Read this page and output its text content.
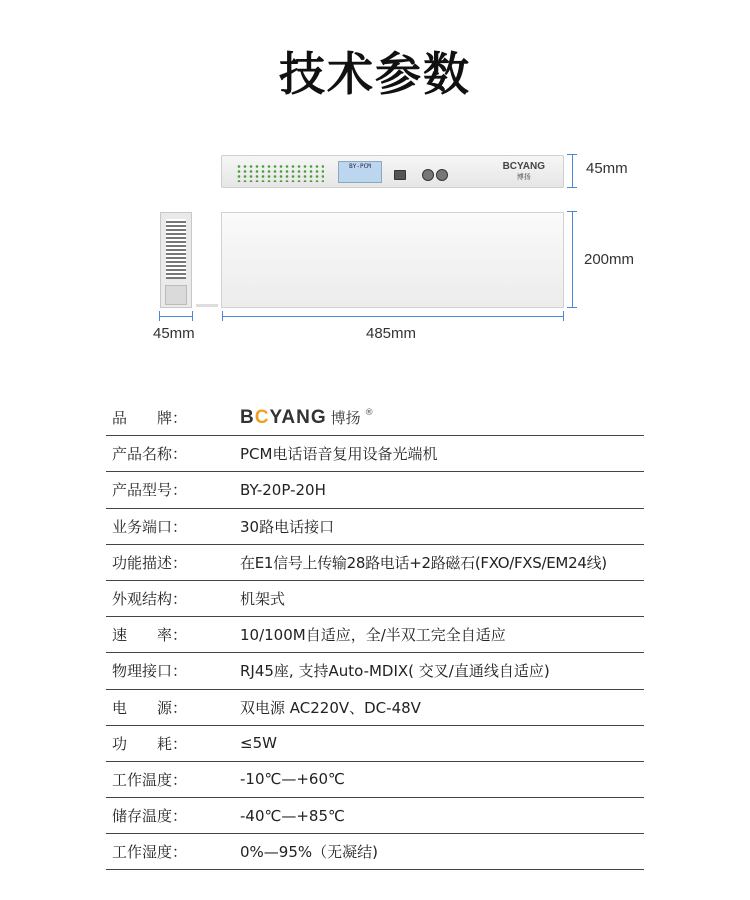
技术参数
BY-PCM	BCYANG
博扬
45mm
200mm
45mm	485mm
品　　牌：	BCYANG 博扬 ®
产品名称：	PCM电话语音复用设备光端机
产品型号：	BY-20P-20H
业务端口：	30路电话接口
功能描述：	在E1信号上传输28路电话+2路磁石(FXO/FXS/EM24线)
外观结构：	机架式
速　　率：	10/100M自适应，全/半双工完全自适应
物理接口：	RJ45座, 支持Auto-MDIX( 交叉/直通线自适应)
电　　源：	双电源 AC220V、DC-48V
功　　耗：	≤5W
工作温度：	-10℃—+60℃
储存温度：	-40℃—+85℃
工作湿度：	0%—95%（无凝结)
